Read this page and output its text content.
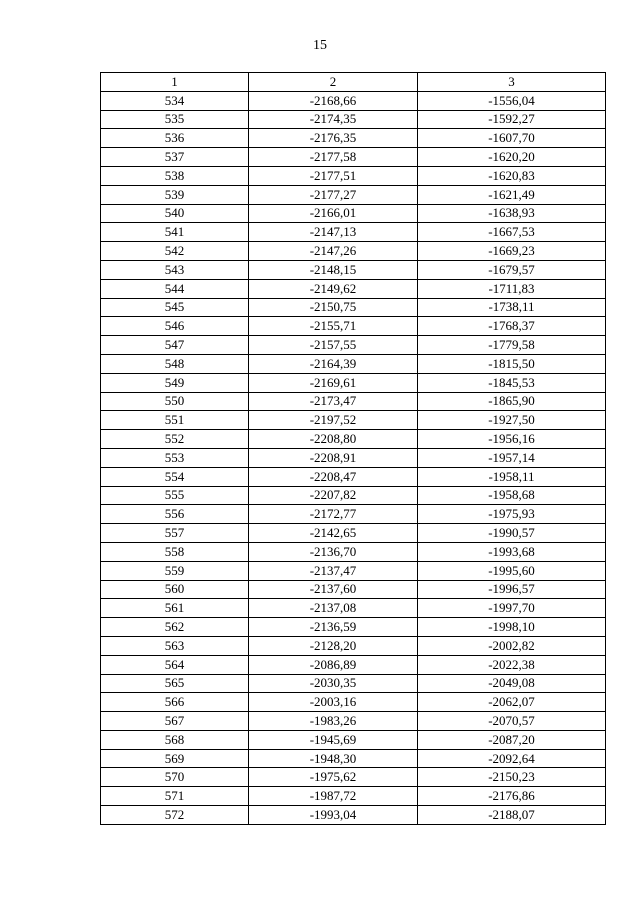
15
1	2	3
534	-2168,66	-1556,04
535	-2174,35	-1592,27
536	-2176,35	-1607,70
537	-2177,58	-1620,20
538	-2177,51	-1620,83
539	-2177,27	-1621,49
540	-2166,01	-1638,93
541	-2147,13	-1667,53
542	-2147,26	-1669,23
543	-2148,15	-1679,57
544	-2149,62	-1711,83
545	-2150,75	-1738,11
546	-2155,71	-1768,37
547	-2157,55	-1779,58
548	-2164,39	-1815,50
549	-2169,61	-1845,53
550	-2173,47	-1865,90
551	-2197,52	-1927,50
552	-2208,80	-1956,16
553	-2208,91	-1957,14
554	-2208,47	-1958,11
555	-2207,82	-1958,68
556	-2172,77	-1975,93
557	-2142,65	-1990,57
558	-2136,70	-1993,68
559	-2137,47	-1995,60
560	-2137,60	-1996,57
561	-2137,08	-1997,70
562	-2136,59	-1998,10
563	-2128,20	-2002,82
564	-2086,89	-2022,38
565	-2030,35	-2049,08
566	-2003,16	-2062,07
567	-1983,26	-2070,57
568	-1945,69	-2087,20
569	-1948,30	-2092,64
570	-1975,62	-2150,23
571	-1987,72	-2176,86
572	-1993,04	-2188,07
